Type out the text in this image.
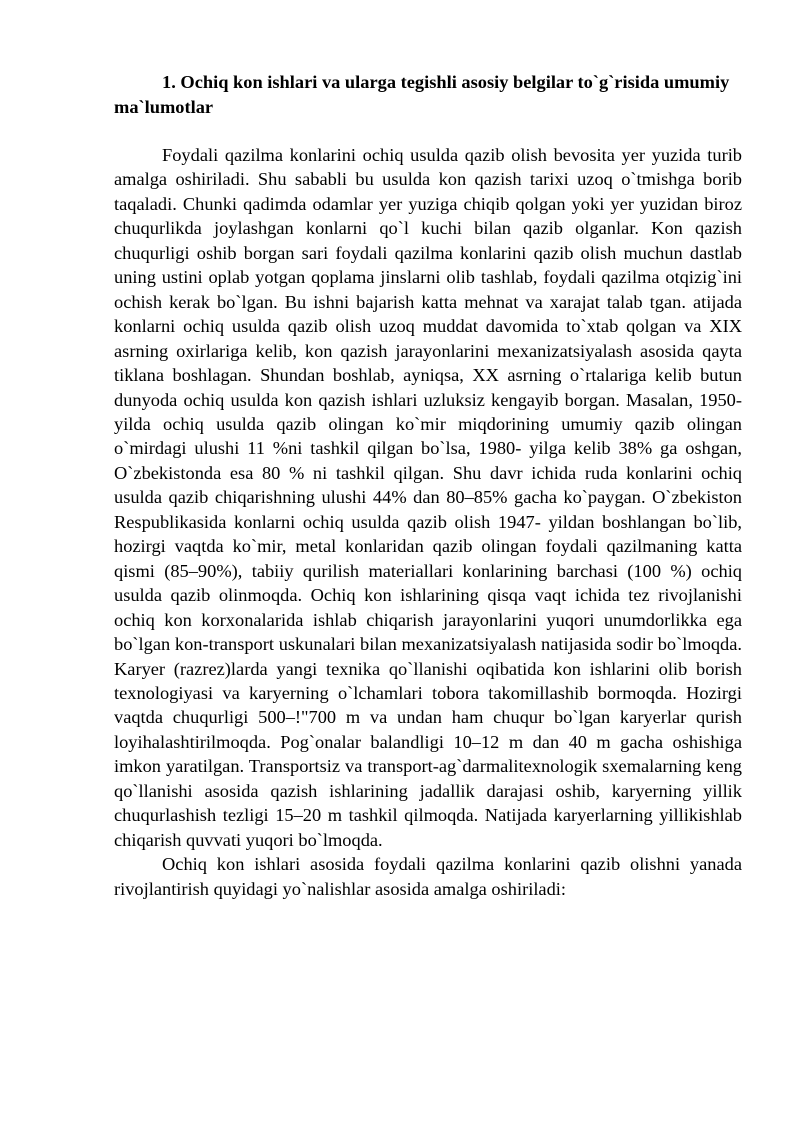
1. Ochiq kon ishlari va ularga tegishli asosiy belgilar to`g`risida umumiy ma`lumotlar

Foydali qazilma konlarini ochiq usulda qazib olish bevosita yer yuzida turib amalga oshiriladi. Shu sababli bu usulda kon qazish tarixi uzoq o`tmishga borib taqaladi. Chunki qadimda odamlar yer yuziga chiqib qolgan yoki yer yuzidan biroz chuqurlikda joylashgan konlarni qo`l kuchi bilan qazib olganlar. Kon qazish chuqurligi oshib borgan sari foydali qazilma konlarini qazib olish muchun dastlab uning ustini oplab yotgan qoplama jinslarni olib tashlab, foydali qazilma otqizig`ini ochish kerak bo`lgan. Bu ishni bajarish katta mehnat va xarajat talab tgan. atijada konlarni ochiq usulda qazib olish uzoq muddat davomida to`xtab qolgan va XIX asrning oxirlariga kelib, kon qazish jarayonlarini mexanizatsiyalash asosida qayta tiklana boshlagan. Shundan boshlab, ayniqsa, XX asrning o`rtalariga kelib butun dunyoda ochiq usulda kon qazish ishlari uzluksiz kengayib borgan. Masalan, 1950- yilda ochiq usulda qazib olingan ko`mir miqdorining umumiy qazib olingan o`mirdagi ulushi 11 %ni tashkil qilgan bo`lsa, 1980- yilga kelib 38% ga oshgan, O`zbekistonda esa 80 % ni tashkil qilgan. Shu davr ichida ruda konlarini ochiq usulda qazib chiqarishning ulushi 44% dan 80–85% gacha ko`paygan. O`zbekiston Respublikasida konlarni ochiq usulda qazib olish 1947- yildan boshlangan bo`lib, hozirgi vaqtda ko`mir, metal konlaridan qazib olingan foydali qazilmaning katta qismi (85–90%), tabiiy qurilish materiallari konlarining barchasi (100 %) ochiq usulda qazib olinmoqda. Ochiq kon ishlarining qisqa vaqt ichida tez rivojlanishi ochiq kon korxonalarida ishlab chiqarish jarayonlarini yuqori unumdorlikka ega bo`lgan kon-transport uskunalari bilan mexanizatsiyalash natijasida sodir bo`lmoqda. Karyer (razrez)larda yangi texnika qo`llanishi oqibatida kon ishlarini olib borish texnologiyasi va karyerning o`lchamlari tobora takomillashib bormoqda. Hozirgi vaqtda chuqurligi 500–!"700 m va undan ham chuqur bo`lgan karyerlar qurish loyihalashtirilmoqda. Pog`onalar balandligi 10–12 m dan 40 m gacha oshishiga imkon yaratilgan. Transportsiz va transport-ag`darmalitexnologik sxemalarning keng qo`llanishi asosida qazish ishlarining jadallik darajasi oshib, karyerning yillik chuqurlashish tezligi 15–20 m tashkil qilmoqda. Natijada karyerlarning yillikishlab chiqarish quvvati yuqori bo`lmoqda.

Ochiq kon ishlari asosida foydali qazilma konlarini qazib olishni yanada rivojlantirish quyidagi yo`nalishlar asosida amalga oshiriladi:
